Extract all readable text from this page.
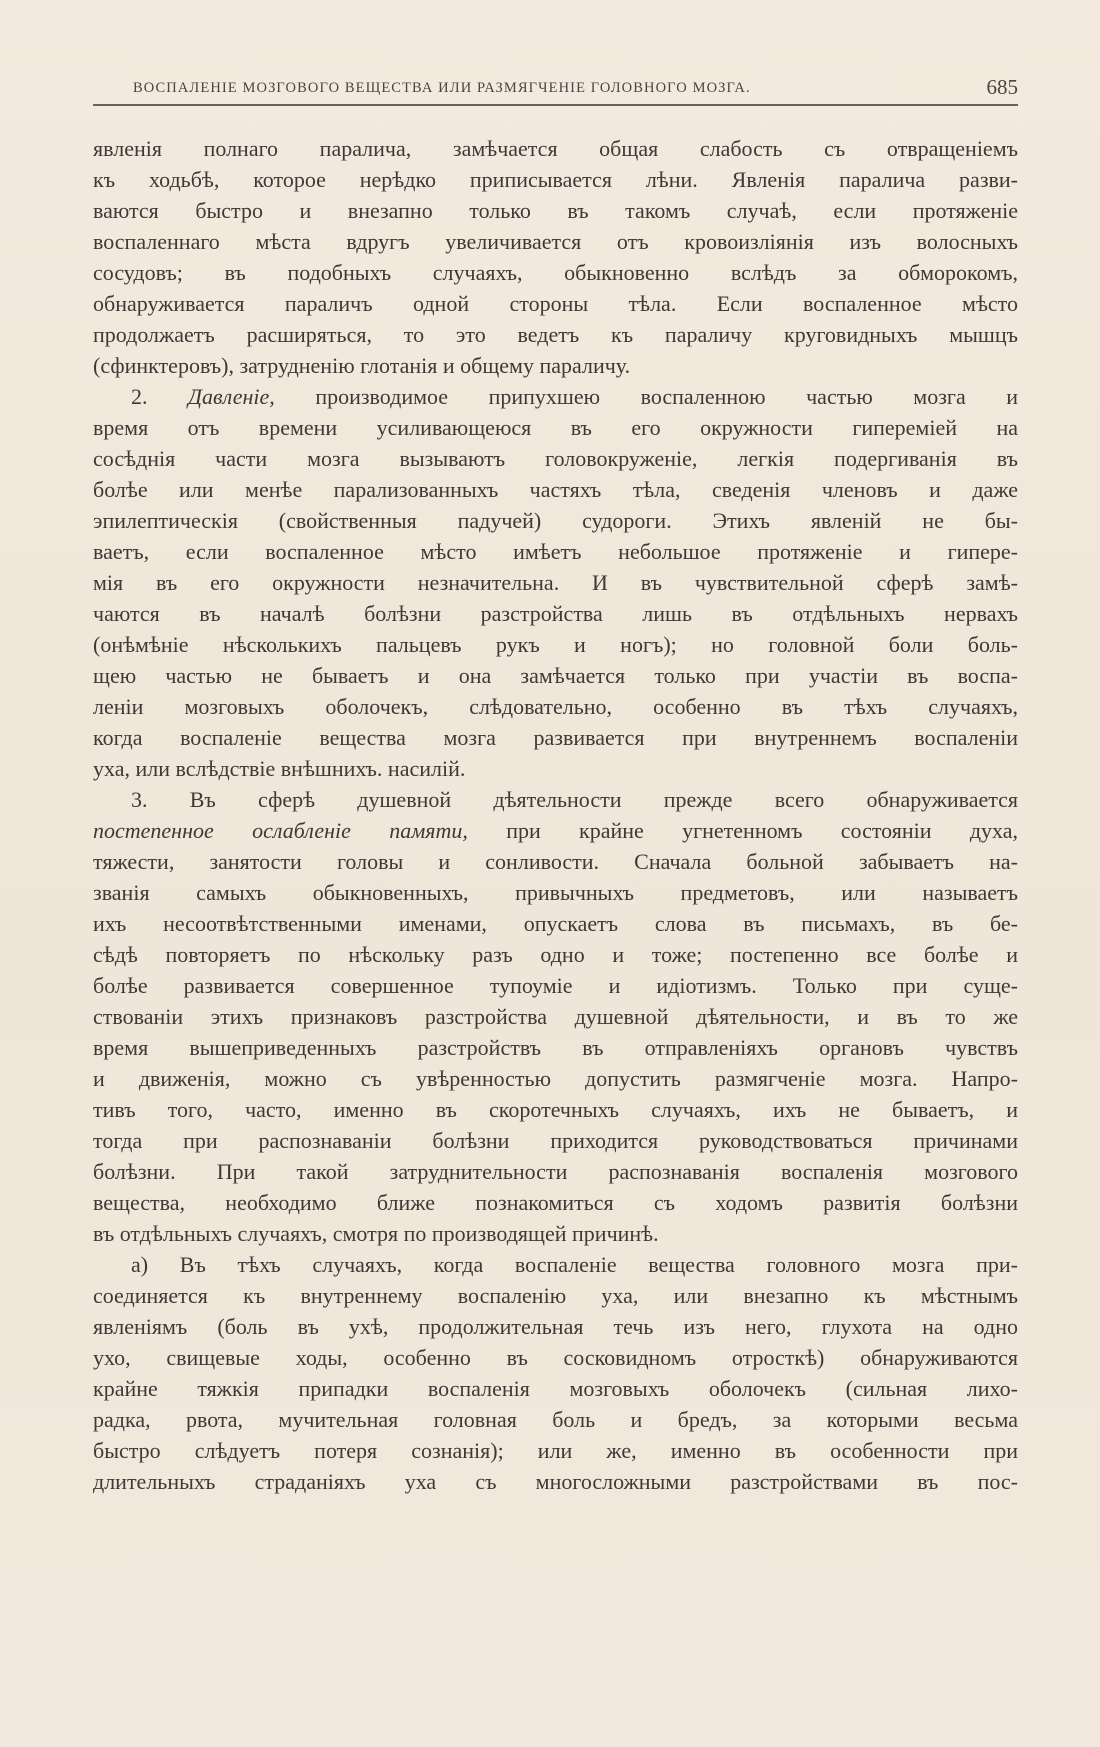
ВОСПАЛЕНІЕ МОЗГОВОГО ВЕЩЕСТВА ИЛИ РАЗМЯГЧЕНІЕ ГОЛОВНОГО МОЗГА.	685
явленія полнаго паралича, замѣчается общая слабость съ отвращеніемъ
къ ходьбѣ, которое нерѣдко приписывается лѣни. Явленія паралича разви-
ваются быстро и внезапно только въ такомъ случаѣ, если протяженіе
воспаленнаго мѣста вдругъ увеличивается отъ кровоизліянія изъ волосныхъ
сосудовъ; въ подобныхъ случаяхъ, обыкновенно вслѣдъ за обморокомъ,
обнаруживается параличъ одной стороны тѣла. Если воспаленное мѣсто
продолжаетъ расширяться, то это ведетъ къ параличу круговидныхъ мышцъ
(сфинктеровъ), затрудненію глотанія и общему параличу.
2. Давленіе, производимое припухшею воспаленною частью мозга и
время отъ времени усиливающеюся въ его окружности гипереміей на
сосѣднія части мозга вызываютъ головокруженіе, легкія подергиванія въ
болѣе или менѣе парализованныхъ частяхъ тѣла, сведенія членовъ и даже
эпилептическія (свойственныя падучей) судороги. Этихъ явленій не бы-
ваетъ, если воспаленное мѣсто имѣетъ небольшое протяженіе и гипере-
мія въ его окружности незначительна. И въ чувствительной сферѣ замѣ-
чаются въ началѣ болѣзни разстройства лишь въ отдѣльныхъ нервахъ
(онѣмѣніе нѣсколькихъ пальцевъ рукъ и ногъ); но головной боли боль-
щею частью не бываетъ и она замѣчается только при участіи въ воспа-
леніи мозговыхъ оболочекъ, слѣдовательно, особенно въ тѣхъ случаяхъ,
когда воспаленіе вещества мозга развивается при внутреннемъ воспаленіи
уха, или вслѣдствіе внѣшнихъ. насилій.
3. Въ сферѣ душевной дѣятельности прежде всего обнаруживается
постепенное ослабленіе памяти, при крайне угнетенномъ состояніи духа,
тяжести, занятости головы и сонливости. Сначала больной забываетъ на-
званія самыхъ обыкновенныхъ, привычныхъ предметовъ, или называетъ
ихъ несоотвѣтственными именами, опускаетъ слова въ письмахъ, въ бе-
сѣдѣ повторяетъ по нѣскольку разъ одно и тоже; постепенно все болѣе и
болѣе развивается совершенное тупоуміе и идіотизмъ. Только при суще-
ствованіи этихъ признаковъ разстройства душевной дѣятельности, и въ то же
время вышеприведенныхъ разстройствъ въ отправленіяхъ органовъ чувствъ
и движенія, можно съ увѣренностью допустить размягченіе мозга. Напро-
тивъ того, часто, именно въ скоротечныхъ случаяхъ, ихъ не бываетъ, и
тогда при распознаваніи болѣзни приходится руководствоваться причинами
болѣзни. При такой затруднительности распознаванія воспаленія мозгового
вещества, необходимо ближе познакомиться съ ходомъ развитія болѣзни
въ отдѣльныхъ случаяхъ, смотря по производящей причинѣ.
а) Въ тѣхъ случаяхъ, когда воспаленіе вещества головного мозга при-
соединяется къ внутреннему воспаленію уха, или внезапно къ мѣстнымъ
явленіямъ (боль въ ухѣ, продолжительная течь изъ него, глухота на одно
ухо, свищевые ходы, особенно въ сосковидномъ отросткѣ) обнаруживаются
крайне тяжкія припадки воспаленія мозговыхъ оболочекъ (сильная лихо-
радка, рвота, мучительная головная боль и бредъ, за которыми весьма
быстро слѣдуетъ потеря сознанія); или же, именно въ особенности при
длительныхъ страданіяхъ уха съ многосложными разстройствами въ пос-
